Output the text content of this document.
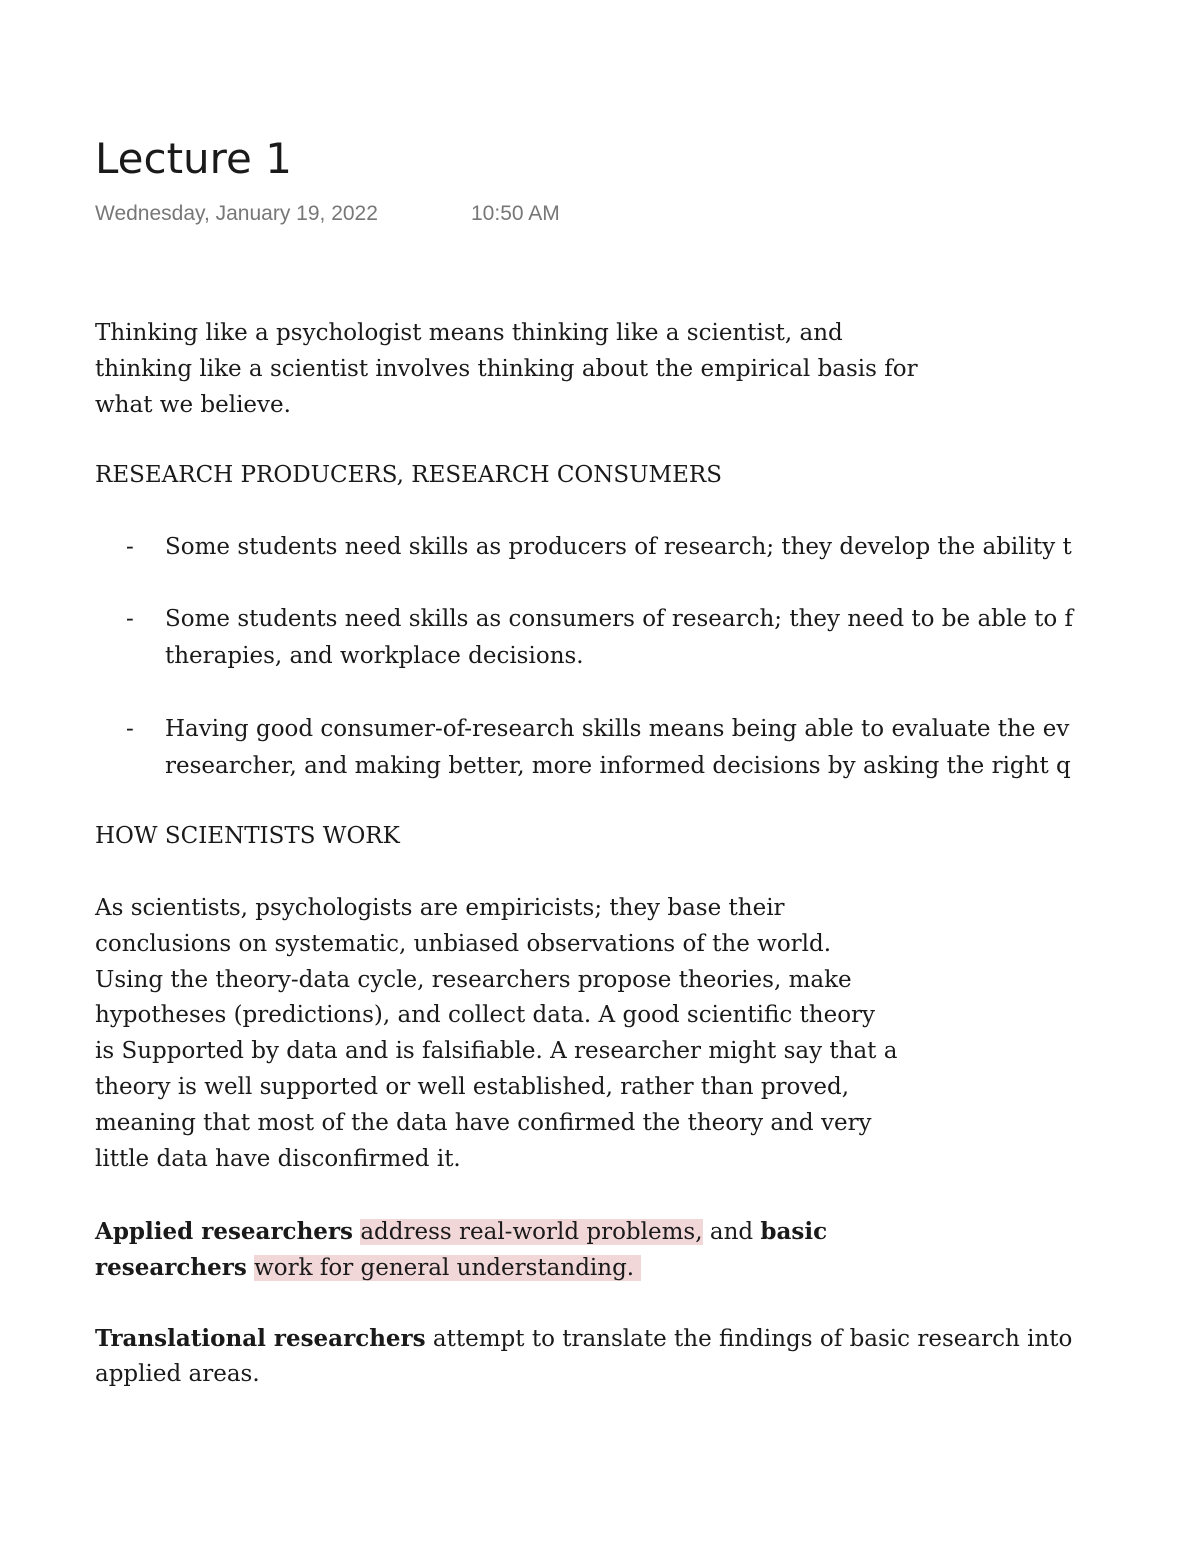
Lecture 1
Wednesday, January 19, 2022	10:50 AM
Thinking like a psychologist means thinking like a scientist, and
thinking like a scientist involves thinking about the empirical basis for
what we believe.
RESEARCH PRODUCERS, RESEARCH CONSUMERS
- Some students need skills as producers of research; they develop the ability t
- Some students need skills as consumers of research; they need to be able to f
therapies, and workplace decisions.
- Having good consumer-of-research skills means being able to evaluate the ev
researcher, and making better, more informed decisions by asking the right q
HOW SCIENTISTS WORK
As scientists, psychologists are empiricists; they base their
conclusions on systematic, unbiased observations of the world.
Using the theory-data cycle, researchers propose theories, make
hypotheses (predictions), and collect data. A good scientific theory
is Supported by data and is falsifiable. A researcher might say that a
theory is well supported or well established, rather than proved,
meaning that most of the data have confirmed the theory and very
little data have disconfirmed it.
Applied researchers address real-world problems, and basic
researchers work for general understanding.
Translational researchers attempt to translate the findings of basic research into
applied areas.
